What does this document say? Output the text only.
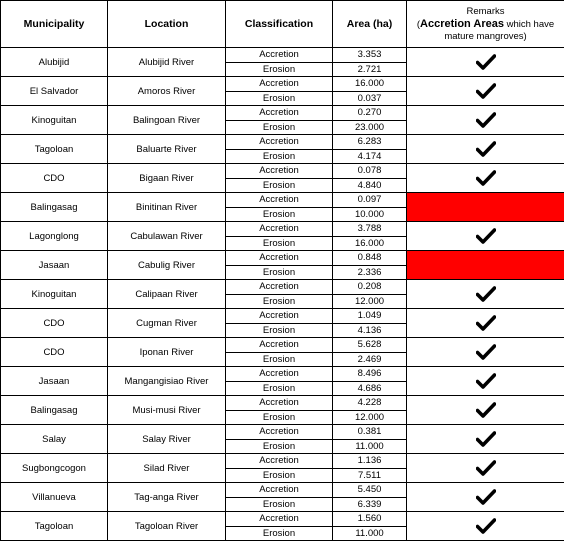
Municipality	Location	Classification	Area (ha)	Remarks
(Accretion Areas which have
mature mangroves)
Alubijid	Alubijid River	Accretion	3.353	
		Erosion	2.721	
El Salvador	Amoros River	Accretion	16.000	
		Erosion	0.037	
Kinoguitan	Balingoan River	Accretion	0.270	
		Erosion	23.000	
Tagoloan	Baluarte River	Accretion	6.283	
		Erosion	4.174	
CDO	Bigaan River	Accretion	0.078	
		Erosion	4.840	
Balingasag	Binitinan River	Accretion	0.097	
		Erosion	10.000	
Lagonglong	Cabulawan River	Accretion	3.788	
		Erosion	16.000	
Jasaan	Cabulig River	Accretion	0.848	
		Erosion	2.336	
Kinoguitan	Calipaan River	Accretion	0.208	
		Erosion	12.000	
CDO	Cugman River	Accretion	1.049	
		Erosion	4.136	
CDO	Iponan River	Accretion	5.628	
		Erosion	2.469	
Jasaan	Mangangisiao River	Accretion	8.496	
		Erosion	4.686	
Balingasag	Musi-musi River	Accretion	4.228	
		Erosion	12.000	
Salay	Salay River	Accretion	0.381	
		Erosion	11.000	
Sugbongcogon	Silad River	Accretion	1.136	
		Erosion	7.511	
Villanueva	Tag-anga River	Accretion	5.450	
		Erosion	6.339	
Tagoloan	Tagoloan River	Accretion	1.560	
		Erosion	11.000	
